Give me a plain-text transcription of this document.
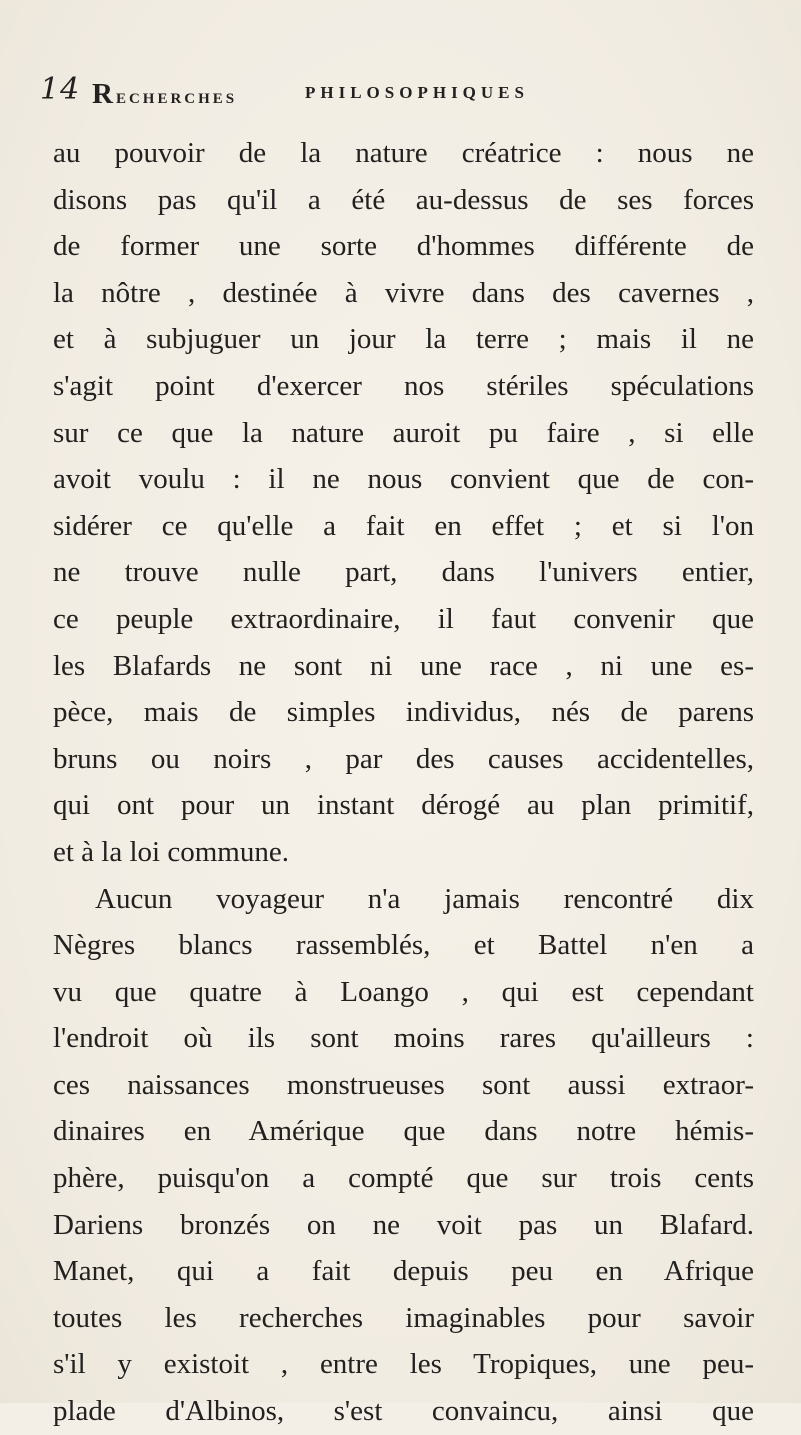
14 Recherches	PHILOSOPHIQUES
au pouvoir de la nature créatrice : nous ne
disons pas qu'il a été au-dessus de ses forces
de former une sorte d'hommes différente de
la nôtre , destinée à vivre dans des cavernes ,
et à subjuguer un jour la terre ; mais il ne
s'agit point d'exercer nos stériles spéculations
sur ce que la nature auroit pu faire , si elle
avoit voulu : il ne nous convient que de con-
sidérer ce qu'elle a fait en effet ; et si l'on
ne trouve nulle part, dans l'univers entier,
ce peuple extraordinaire, il faut convenir que
les Blafards ne sont ni une race , ni une es-
pèce, mais de simples individus, nés de parens
bruns ou noirs , par des causes accidentelles,
qui ont pour un instant dérogé au plan primitif,
et à la loi commune.
Aucun voyageur n'a jamais rencontré dix
Nègres blancs rassemblés, et Battel n'en a
vu que quatre à Loango , qui est cependant
l'endroit où ils sont moins rares qu'ailleurs :
ces naissances monstrueuses sont aussi extraor-
dinaires en Amérique que dans notre hémis-
phère, puisqu'on a compté que sur trois cents
Dariens bronzés on ne voit pas un Blafard.
Manet, qui a fait depuis peu en Afrique
toutes les recherches imaginables pour savoir
s'il y existoit , entre les Tropiques, une peu-
plade d'Albinos, s'est convaincu, ainsi que
